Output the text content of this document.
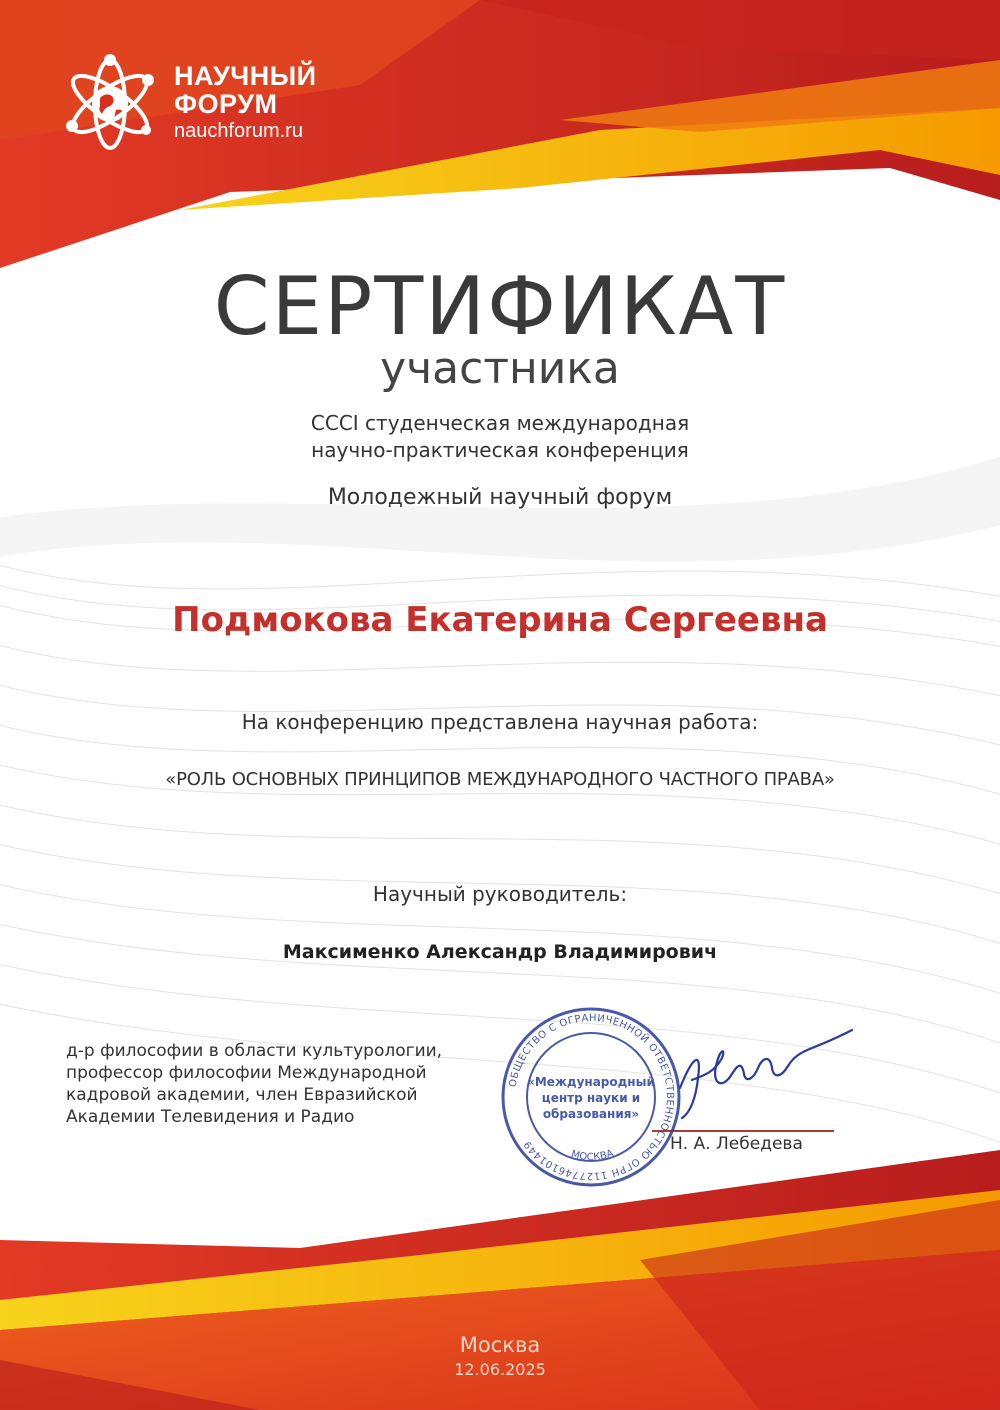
НАУЧНЫЙ
ФОРУМ
nauchforum.ru
СЕРТИФИКАТ
участника
CCCI студенческая международная
научно-практическая конференция
Молодежный научный форум
Подмокова Екатерина Сергеевна
На конференцию представлена научная работа:
«РОЛЬ ОСНОВНЫХ ПРИНЦИПОВ МЕЖДУНАРОДНОГО ЧАСТНОГО ПРАВА»
Научный руководитель:
Максименко Александр Владимирович
д-р философии в области культурологии,
профессор философии Международной
кадровой академии, член Евразийской
Академии Телевидения и Радио
Н. А. Лебедева
ОБЩЕСТВО С ОГРАНИЧЕННОЙ ОТВЕТСТВЕННОСТЬЮ ОГРН 1127746101449
МОСКВА
«Международный
центр науки и
образования»
Москва
12.06.2025
